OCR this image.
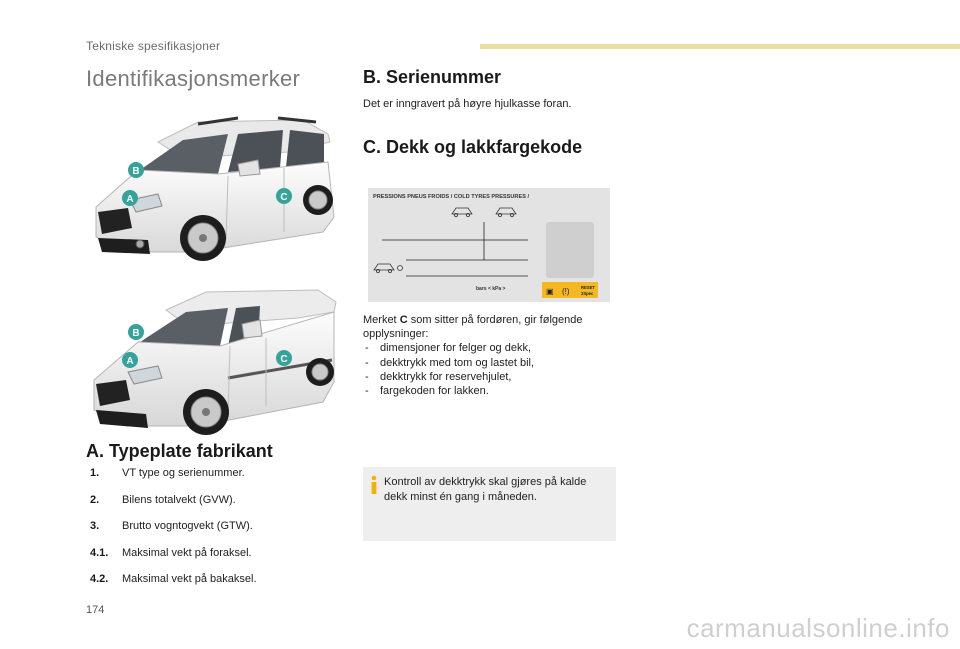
Tekniske spesifikasjoner
Identifikasjonsmerker
B
A	C
B
A	C
A. Typeplate fabrikant
1. VT type og serienummer.
2. Bilens totalvekt (GVW).
3. Brutto vogntogvekt (GTW).
4.1. Maksimal vekt på foraksel.
4.2. Maksimal vekt på bakaksel.
B. Serienummer
Det er inngravert på høyre hjulkasse foran.
C. Dekk og lakkfargekode
PRESSIONS PNEUS FROIDS / COLD TYRES PRESSURES /
bars < kPa >	▣ (!)	RESET
3Spec

Merket C som sitter på fordøren, gir følgende opplysninger:

- dimensjoner for felger og dekk,
- dekktrykk med tom og lastet bil,
- dekktrykk for reservehjulet,
- fargekoden for lakken.
Kontroll av dekktrykk skal gjøres på kalde dekk minst én gang i måneden.
174
carmanualsonline.info
